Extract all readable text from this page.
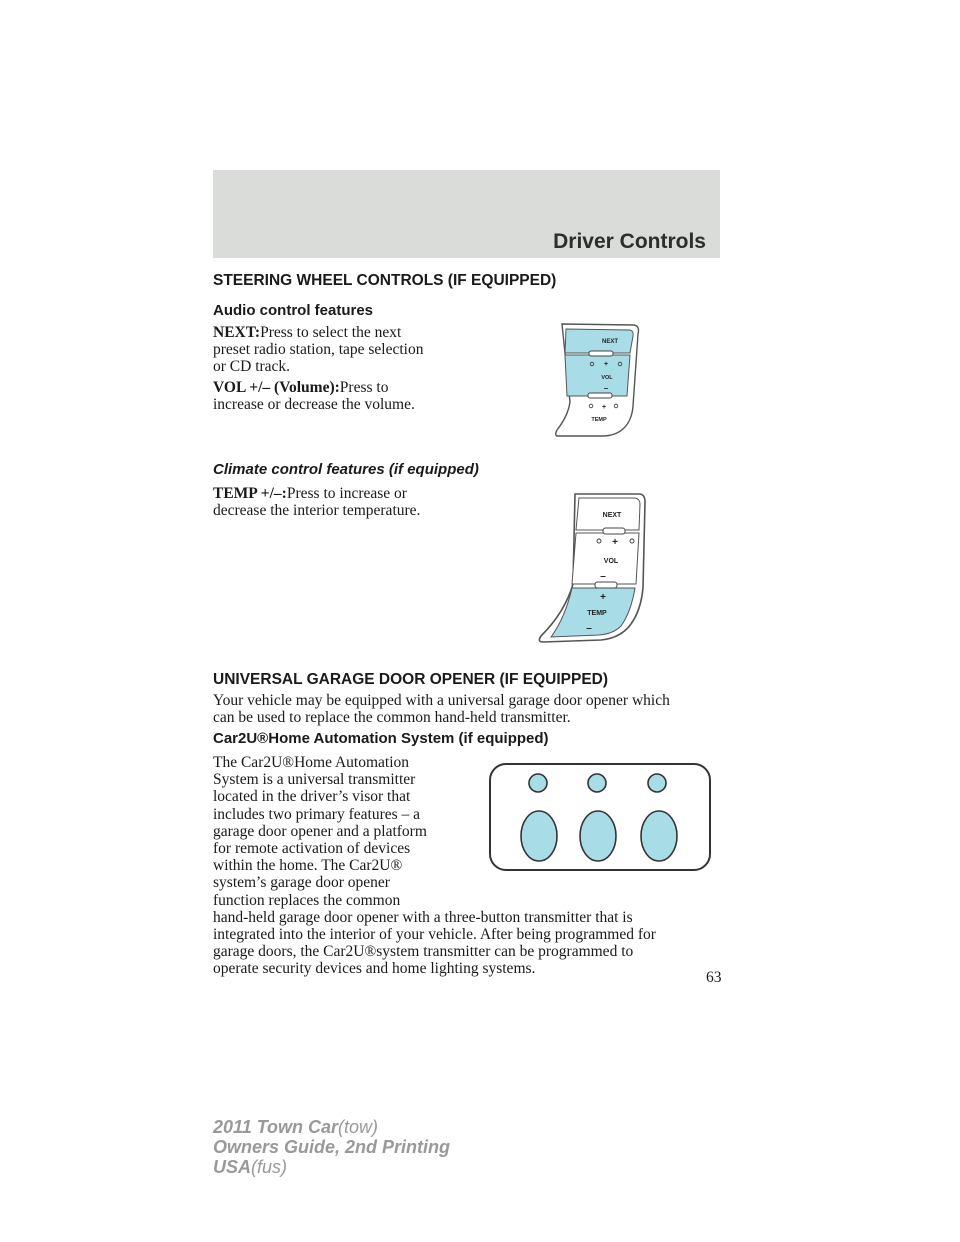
Driver Controls
STEERING WHEEL CONTROLS (IF EQUIPPED)
Audio control features
NEXT:Press to select the next
preset radio station, tape selection
or CD track.
VOL +/– (Volume):Press to
increase or decrease the volume.
NEXT
+
VOL
–
+
TEMP
Climate control features (if equipped)
TEMP +/–:Press to increase or
decrease the interior temperature.	NEXT
+
VOL
–
+
TEMP
–
UNIVERSAL GARAGE DOOR OPENER (IF EQUIPPED)
Your vehicle may be equipped with a universal garage door opener which
can be used to replace the common hand-held transmitter.
Car2U®Home Automation System (if equipped)
The Car2U®Home Automation
System is a universal transmitter
located in the driver’s visor that
includes two primary features – a
garage door opener and a platform
for remote activation of devices
within the home. The Car2U®
system’s garage door opener
function replaces the common
hand-held garage door opener with a three-button transmitter that is
integrated into the interior of your vehicle. After being programmed for
garage doors, the Car2U®system transmitter can be programmed to
operate security devices and home lighting systems.
63
2011 Town Car(tow)
Owners Guide, 2nd Printing
USA(fus)
